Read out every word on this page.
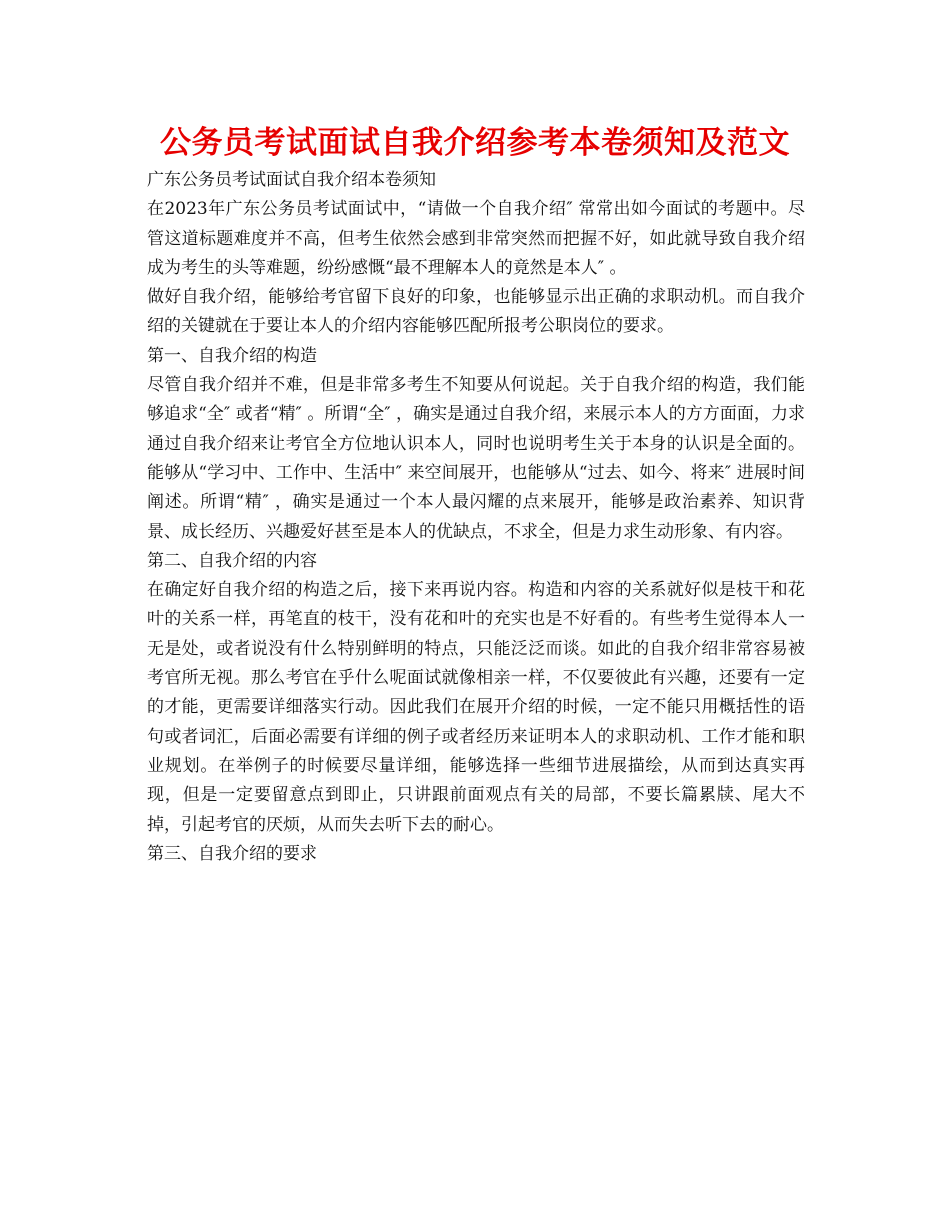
公务员考试面试自我介绍参考本卷须知及范文

广东公务员考试面试自我介绍本卷须知

在2023年广东公务员考试面试中，“请做一个自我介绍″ 常常出如今面试的考题中。尽管这道标题难度并不高，但考生依然会感到非常突然而把握不好，如此就导致自我介绍成为考生的头等难题，纷纷感慨“最不理解本人的竟然是本人″ 。

做好自我介绍，能够给考官留下良好的印象，也能够显示出正确的求职动机。而自我介绍的关键就在于要让本人的介绍内容能够匹配所报考公职岗位的要求。

第一、自我介绍的构造

尽管自我介绍并不难，但是非常多考生不知要从何说起。关于自我介绍的构造，我们能够追求“全″ 或者“精″ 。所谓“全″ ，确实是通过自我介绍，来展示本人的方方面面，力求通过自我介绍来让考官全方位地认识本人，同时也说明考生关于本身的认识是全面的。能够从“学习中、工作中、生活中″ 来空间展开，也能够从“过去、如今、将来″ 进展时间阐述。所谓“精″ ，确实是通过一个本人最闪耀的点来展开，能够是政治素养、知识背景、成长经历、兴趣爱好甚至是本人的优缺点，不求全，但是力求生动形象、有内容。

第二、自我介绍的内容

在确定好自我介绍的构造之后，接下来再说内容。构造和内容的关系就好似是枝干和花叶的关系一样，再笔直的枝干，没有花和叶的充实也是不好看的。有些考生觉得本人一无是处，或者说没有什么特别鲜明的特点，只能泛泛而谈。如此的自我介绍非常容易被考官所无视。那么考官在乎什么呢面试就像相亲一样，不仅要彼此有兴趣，还要有一定的才能，更需要详细落实行动。因此我们在展开介绍的时候，一定不能只用概括性的语句或者词汇，后面必需要有详细的例子或者经历来证明本人的求职动机、工作才能和职业规划。在举例子的时候要尽量详细，能够选择一些细节进展描绘，从而到达真实再现，但是一定要留意点到即止，只讲跟前面观点有关的局部，不要长篇累牍、尾大不掉，引起考官的厌烦，从而失去听下去的耐心。

第三、自我介绍的要求
